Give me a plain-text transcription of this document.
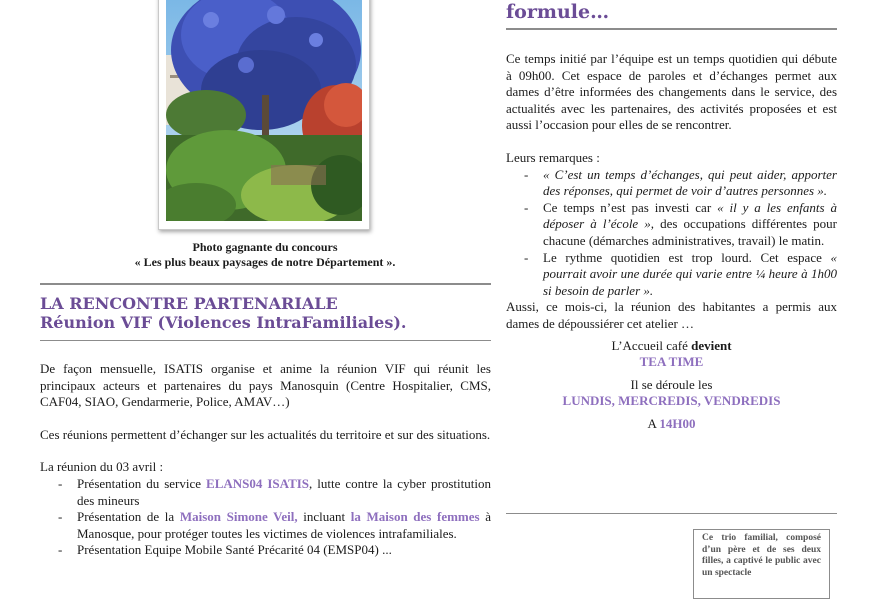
Photo gagnante du concours
« Les plus beaux paysages de notre Département ».
LA RENCONTRE PARTENARIALE
Réunion VIF (Violences IntraFamiliales).

De façon mensuelle, ISATIS organise et anime la réunion VIF qui réunit les principaux acteurs et partenaires du pays Manosquin (Centre Hospitalier, CMS, CAF04, SIAO, Gendarmerie, Police, AMAV…)

Ces réunions permettent d’échanger sur les actualités du territoire et sur des situations.

La réunion du 03 avril :
- Présentation du service ELANS04 ISATIS, lutte contre la cyber prostitution des mineurs
- Présentation de la Maison Simone Veil, incluant la Maison des femmes à Manosque, pour protéger toutes les victimes de violences intrafamiliales.
- Présentation Equipe Mobile Santé Précarité 04 (EMSP04) ...
formule…

Ce temps initié par l’équipe est un temps quotidien qui débute à 09h00. Cet espace de paroles et d’échanges permet aux dames d’être informées des changements dans le service, des actualités avec les partenaires, des activités proposées et est aussi l’occasion pour elles de se rencontrer.

Leurs remarques :
- « C’est un temps d’échanges, qui peut aider, apporter des réponses, qui permet de voir d’autres personnes ».
- Ce temps n’est pas investi car « il y a les enfants à déposer à l’école », des occupations différentes pour chacune (démarches administratives, travail) le matin.
- Le rythme quotidien est trop lourd. Cet espace « pourrait avoir une durée qui varie entre ¼ heure à 1h00 si besoin de parler ».

Aussi, ce mois-ci, la réunion des habitantes a permis aux dames de dépoussiérer cet atelier …

L’Accueil café devient
TEA TIME
Il se déroule les
LUNDIS, MERCREDIS, VENDREDIS
A 14H00
Ce trio familial, composé d’un père et de ses deux filles, a captivé le public avec un spectacle
